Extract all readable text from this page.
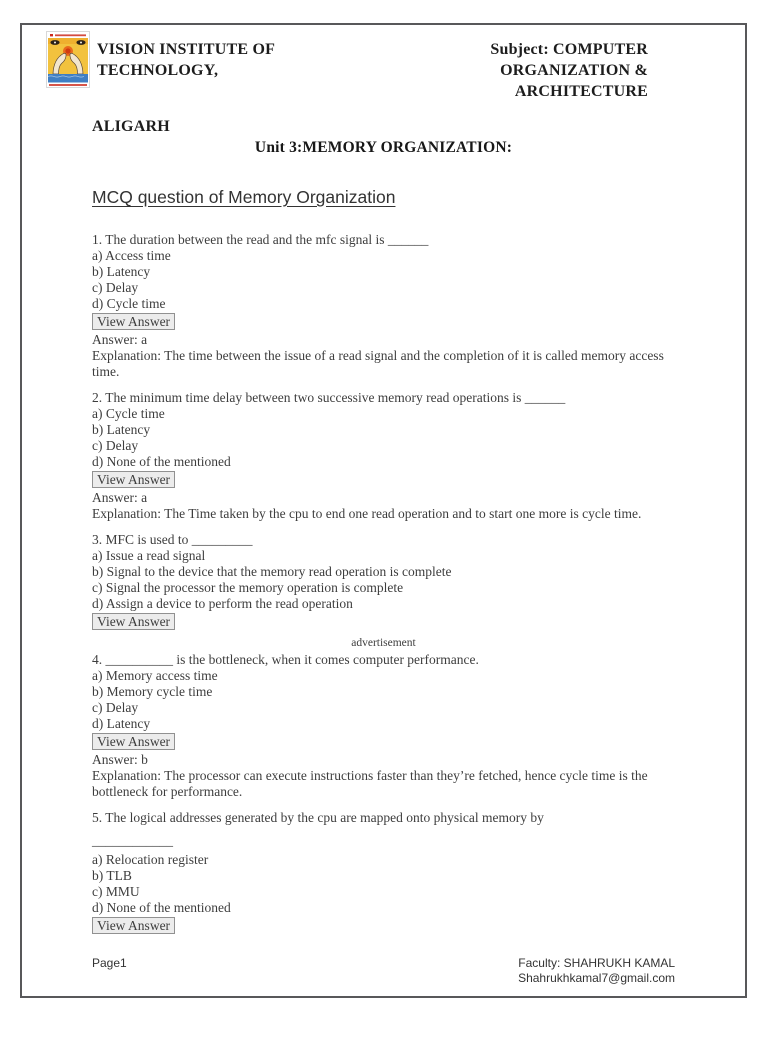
VISION INSTITUTE OF TECHNOLOGY,
Subject: COMPUTER
ORGANIZATION & ARCHITECTURE
ALIGARH
Unit 3:MEMORY ORGANIZATION:
MCQ question of Memory Organization
1. The duration between the read and the mfc signal is ______
a) Access time
b) Latency
c) Delay
d) Cycle time
View Answer
Answer: a
Explanation: The time between the issue of a read signal and the completion of it is called memory access time.
2. The minimum time delay between two successive memory read operations is ______
a) Cycle time
b) Latency
c) Delay
d) None of the mentioned
View Answer
Answer: a
Explanation: The Time taken by the cpu to end one read operation and to start one more is cycle time.
3. MFC is used to _________
a) Issue a read signal
b) Signal to the device that the memory read operation is complete
c) Signal the processor the memory operation is complete
d) Assign a device to perform the read operation
View Answer
advertisement
4. __________ is the bottleneck, when it comes computer performance.
a) Memory access time
b) Memory cycle time
c) Delay
d) Latency
View Answer
Answer: b
Explanation: The processor can execute instructions faster than they’re fetched, hence cycle time is the bottleneck for performance.
5. The logical addresses generated by the cpu are mapped onto physical memory by
____________
a) Relocation register
b) TLB
c) MMU
d) None of the mentioned
View Answer
Page1	Faculty: SHAHRUKH KAMAL
Shahrukhkamal7@gmail.com
